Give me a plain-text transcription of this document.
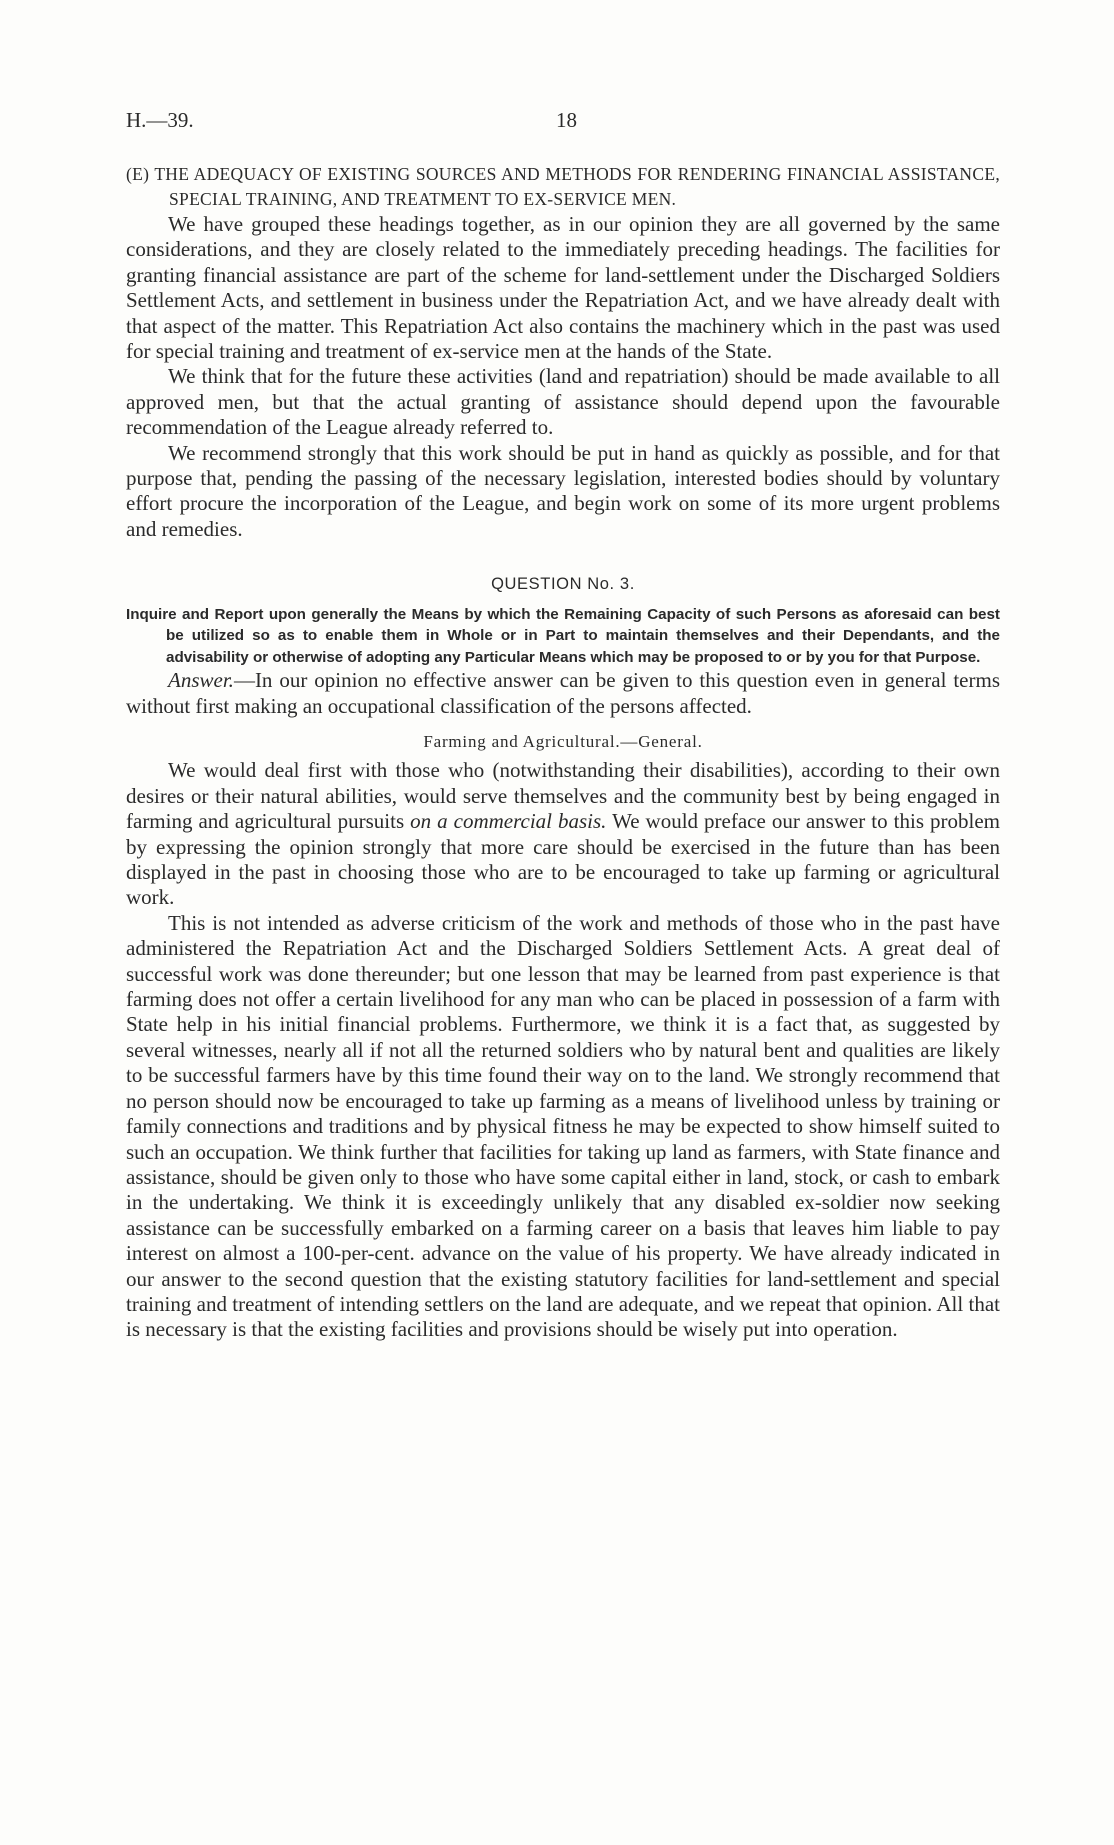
H.—39.	18

(E) THE ADEQUACY OF EXISTING SOURCES AND METHODS FOR RENDERING FINANCIAL ASSISTANCE, SPECIAL TRAINING, AND TREATMENT TO EX-SERVICE MEN.

We have grouped these headings together, as in our opinion they are all governed by the same considerations, and they are closely related to the immediately preceding headings. The facilities for granting financial assistance are part of the scheme for land-settlement under the Discharged Soldiers Settlement Acts, and settlement in business under the Repatriation Act, and we have already dealt with that aspect of the matter. This Repatriation Act also contains the machinery which in the past was used for special training and treatment of ex-service men at the hands of the State.

We think that for the future these activities (land and repatriation) should be made available to all approved men, but that the actual granting of assistance should depend upon the favourable recommendation of the League already referred to.

We recommend strongly that this work should be put in hand as quickly as possible, and for that purpose that, pending the passing of the necessary legislation, interested bodies should by voluntary effort procure the incorporation of the League, and begin work on some of its more urgent problems and remedies.

QUESTION No. 3.

Inquire and Report upon generally the Means by which the Remaining Capacity of such Persons as aforesaid can best be utilized so as to enable them in Whole or in Part to maintain themselves and their Dependants, and the advisability or otherwise of adopting any Particular Means which may be proposed to or by you for that Purpose.

Answer.—In our opinion no effective answer can be given to this question even in general terms without first making an occupational classification of the persons affected.

Farming and Agricultural.—General.

We would deal first with those who (notwithstanding their disabilities), according to their own desires or their natural abilities, would serve themselves and the community best by being engaged in farming and agricultural pursuits on a commercial basis. We would preface our answer to this problem by expressing the opinion strongly that more care should be exercised in the future than has been displayed in the past in choosing those who are to be encouraged to take up farming or agricultural work.

This is not intended as adverse criticism of the work and methods of those who in the past have administered the Repatriation Act and the Discharged Soldiers Settlement Acts. A great deal of successful work was done thereunder; but one lesson that may be learned from past experience is that farming does not offer a certain livelihood for any man who can be placed in possession of a farm with State help in his initial financial problems. Furthermore, we think it is a fact that, as suggested by several witnesses, nearly all if not all the returned soldiers who by natural bent and qualities are likely to be successful farmers have by this time found their way on to the land. We strongly recommend that no person should now be encouraged to take up farming as a means of livelihood unless by training or family connections and traditions and by physical fitness he may be expected to show himself suited to such an occupation. We think further that facilities for taking up land as farmers, with State finance and assistance, should be given only to those who have some capital either in land, stock, or cash to embark in the undertaking. We think it is exceedingly unlikely that any disabled ex-soldier now seeking assistance can be successfully embarked on a farming career on a basis that leaves him liable to pay interest on almost a 100-per-cent. advance on the value of his property. We have already indicated in our answer to the second question that the existing statutory facilities for land-settlement and special training and treatment of intending settlers on the land are adequate, and we repeat that opinion. All that is necessary is that the existing facilities and provisions should be wisely put into operation.
